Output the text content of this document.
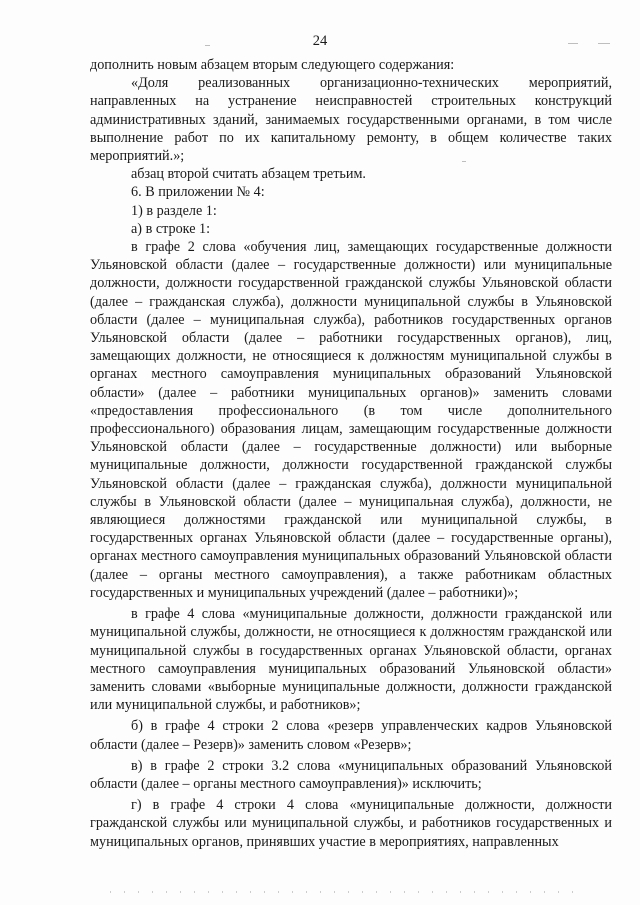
24

дополнить новым абзацем вторым следующего содержания:

«Доля реализованных организационно-технических мероприятий, направленных на устранение неисправностей строительных конструкций административных зданий, занимаемых государственными органами, в том числе выполнение работ по их капитальному ремонту, в общем количестве таких мероприятий.»;

абзац второй считать абзацем третьим.

6. В приложении № 4:

1) в разделе 1:

а) в строке 1:

в графе 2 слова «обучения лиц, замещающих государственные должности Ульяновской области (далее – государственные должности) или муниципальные должности, должности государственной гражданской службы Ульяновской области (далее – гражданская служба), должности муниципальной службы в Ульяновской области (далее – муниципальная служба), работников государственных органов Ульяновской области (далее – работники государственных органов), лиц, замещающих должности, не относящиеся к должностям муниципальной службы в органах местного самоуправления муниципальных образований Ульяновской области» (далее – работники муниципальных органов)» заменить словами «предоставления профессионального (в том числе дополнительного профессионального) образования лицам, замещающим государственные должности Ульяновской области (далее – государственные должности) или выборные муниципальные должности, должности государственной гражданской службы Ульяновской области (далее – гражданская служба), должности муниципальной службы в Ульяновской области (далее – муниципальная служба), должности, не являющиеся должностями гражданской или муниципальной службы, в государственных органах Ульяновской области (далее – государственные органы), органах местного самоуправления муниципальных образований Ульяновской области (далее – органы местного самоуправления), а также работникам областных государственных и муниципальных учреждений (далее – работники)»;

в графе 4 слова «муниципальные должности, должности гражданской или муниципальной службы, должности, не относящиеся к должностям гражданской или муниципальной службы в государственных органах Ульяновской области, органах местного самоуправления муниципальных образований Ульяновской области» заменить словами «выборные муниципальные должности, должности гражданской или муниципальной службы, и работников»;

б) в графе 4 строки 2 слова «резерв управленческих кадров Ульяновской области (далее – Резерв)» заменить словом «Резерв»;

в) в графе 2 строки 3.2 слова «муниципальных образований Ульяновской области (далее – органы местного самоуправления)» исключить;

г) в графе 4 строки 4 слова «муниципальные должности, должности гражданской службы или муниципальной службы, и работников государственных и муниципальных органов, принявших участие в мероприятиях, направленных
